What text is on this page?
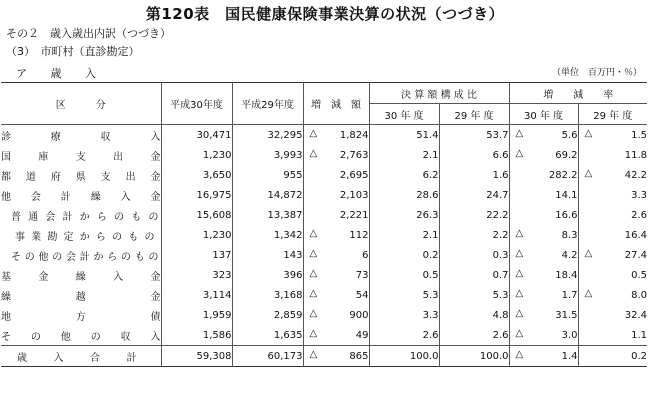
第120表　国民健康保険事業決算の状況（つづき）
その２　歳入歳出内訳（つづき）
（3）　市町村（直診勘定）
ア 歳 入	（単位　百万円・％）
区　　　分	平成30年度	平成29年度	増　減　額	決 算 額 構 成 比		増　　減　　率	
				30 年 度	29 年 度	30 年 度	29 年 度

診療収入	30,471	32,295	△ 1,824	51.4	53.7	△ 5.6	△ 1.5

国庫支出金	1,230	3,993	△ 2,763	2.1	6.6	△ 69.2	11.8

都道府県支出金	3,650	955	2,695	6.2	1.6	282.2	△ 42.2

他会計繰入金	16,975	14,872	2,103	28.6	24.7	14.1	3.3

普通会計からのもの	15,608	13,387	2,221	26.3	22.2	16.6	2.6

事業勘定からのもの	1,230	1,342	△ 112	2.1	2.2	△ 8.3	16.4

その他の会計からのもの	137	143	△ 6	0.2	0.3	△ 4.2	△ 27.4

基金繰入金	323	396	△ 73	0.5	0.7	△ 18.4	0.5

繰越金	3,114	3,168	△ 54	5.3	5.3	△ 1.7	△ 8.0

地方債	1,959	2,859	△ 900	3.3	4.8	△ 31.5	32.4

その他の収入	1,586	1,635	△ 49	2.6	2.6	△ 3.0	1.1

歳入合計	59,308	60,173	△ 865	100.0	100.0	△ 1.4	0.2
